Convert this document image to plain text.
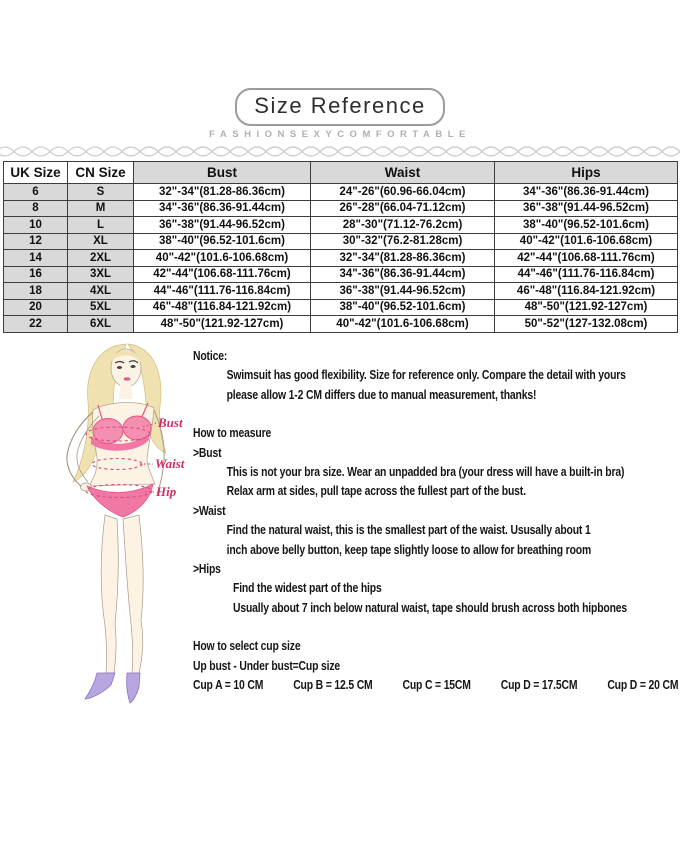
Size Reference
FASHIONSEXYCOMFORTABLE
UK Size	CN Size	Bust	Waist	Hips
6	S	32"-34"(81.28-86.36cm)	24"-26"(60.96-66.04cm)	34"-36"(86.36-91.44cm)
8	M	34"-36"(86.36-91.44cm)	26"-28"(66.04-71.12cm)	36"-38"(91.44-96.52cm)
10	L	36"-38"(91.44-96.52cm)	28"-30"(71.12-76.2cm)	38"-40"(96.52-101.6cm)
12	XL	38"-40"(96.52-101.6cm)	30"-32"(76.2-81.28cm)	40"-42"(101.6-106.68cm)
14	2XL	40"-42"(101.6-106.68cm)	32"-34"(81.28-86.36cm)	42"-44"(106.68-111.76cm)
16	3XL	42"-44"(106.68-111.76cm)	34"-36"(86.36-91.44cm)	44"-46"(111.76-116.84cm)
18	4XL	44"-46"(111.76-116.84cm)	36"-38"(91.44-96.52cm)	46"-48"(116.84-121.92cm)
20	5XL	46"-48"(116.84-121.92cm)	38"-40"(96.52-101.6cm)	48"-50"(121.92-127cm)
22	6XL	48"-50"(121.92-127cm)	40"-42"(101.6-106.68cm)	50"-52"(127-132.08cm)
Bust
Waist
Hip
Notice:
Swimsuit has good flexibility. Size for reference only. Compare the detail with yours
please allow 1-2 CM differs due to manual measurement, thanks!
How to measure
>Bust
This is not your bra size. Wear an unpadded bra (your dress will have a built-in bra)
Relax arm at sides, pull tape across the fullest part of the bust.
>Waist
Find the natural waist, this is the smallest part of the waist. Ususally about 1
inch above belly button, keep tape slightly loose to allow for breathing room
>Hips
Find the widest part of the hips
Usually about 7 inch below natural waist, tape should brush across both hipbones
How to select cup size
Up bust - Under bust=Cup size
Cup A = 10 CM Cup B = 12.5 CM Cup C = 15CM Cup D = 17.5CM Cup D = 20 CM
